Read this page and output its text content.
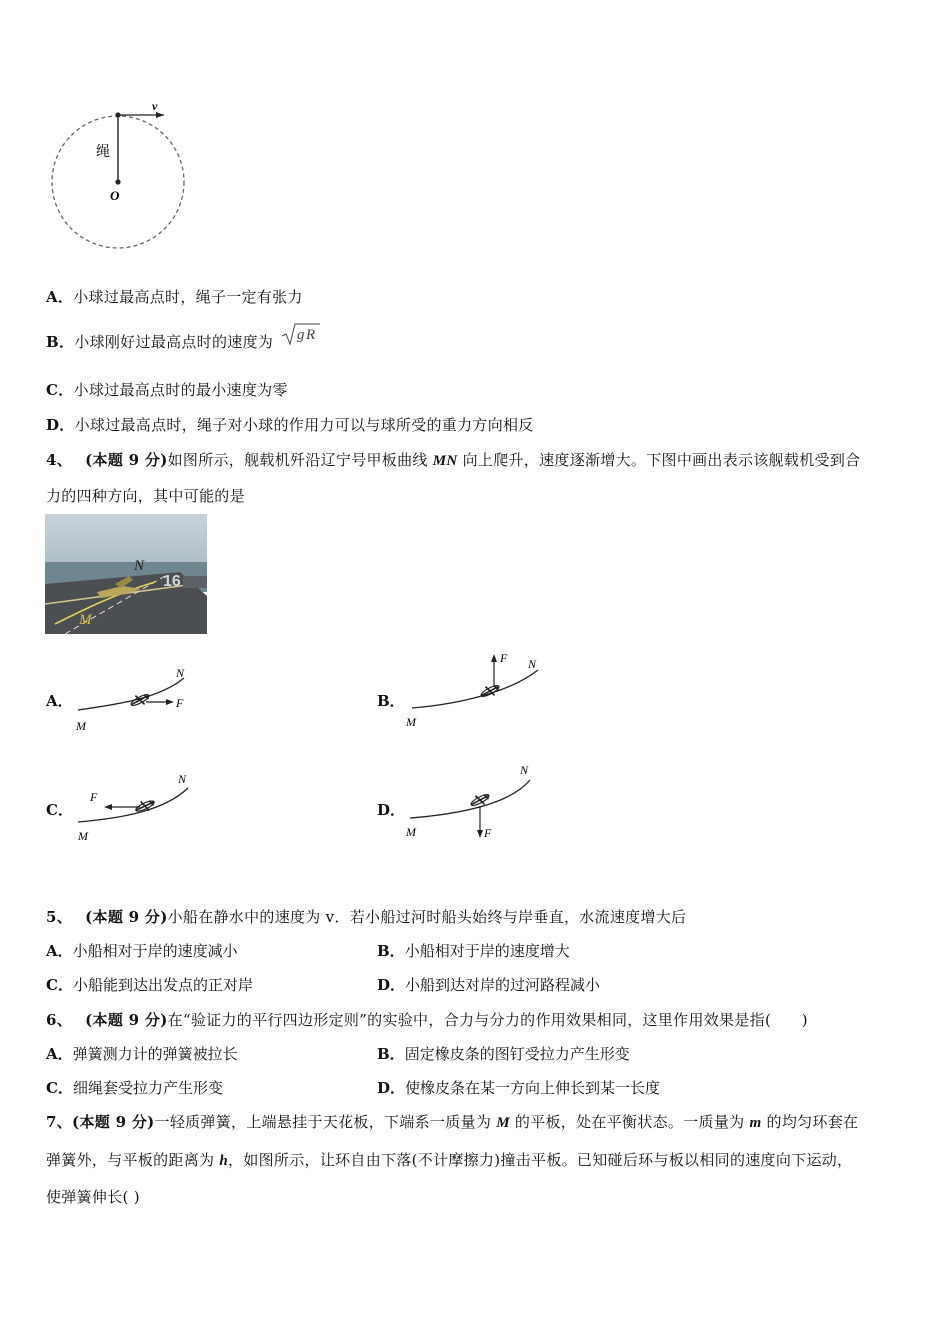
v
绳
O
A．小球过最高点时，绳子一定有张力
B．小球刚好过最高点时的速度为 g R
C．小球过最高点时的最小速度为零
D．小球过最高点时，绳子对小球的作用力可以与球所受的重力方向相反
4、 (本题 9 分)如图所示，舰载机歼沿辽宁号甲板曲线 MN 向上爬升，速度逐渐增大。下图中画出表示该舰载机受到合
力的四种方向，其中可能的是
16
N
M
A．	F
N
M
B．
F N
M
C．
F
N
M
D．
F
N
M
5、 (本题 9 分)小船在静水中的速度为 v．若小船过河时船头始终与岸垂直，水流速度增大后
A．小船相对于岸的速度减小	B．小船相对于岸的速度增大
C．小船能到达出发点的正对岸	D．小船到达对岸的过河路程减小
6、 (本题 9 分)在“验证力的平行四边形定则”的实验中，合力与分力的作用效果相同，这里作用效果是指(　　)
A．弹簧测力计的弹簧被拉长	B．固定橡皮条的图钉受拉力产生形变
C．细绳套受拉力产生形变	D．使橡皮条在某一方向上伸长到某一长度
7、(本题 9 分)一轻质弹簧，上端悬挂于天花板，下端系一质量为 M 的平板，处在平衡状态。一质量为 m 的均匀环套在
弹簧外，与平板的距离为 h，如图所示，让环自由下落(不计摩擦力)撞击平板。已知碰后环与板以相同的速度向下运动，
使弹簧伸长( )
